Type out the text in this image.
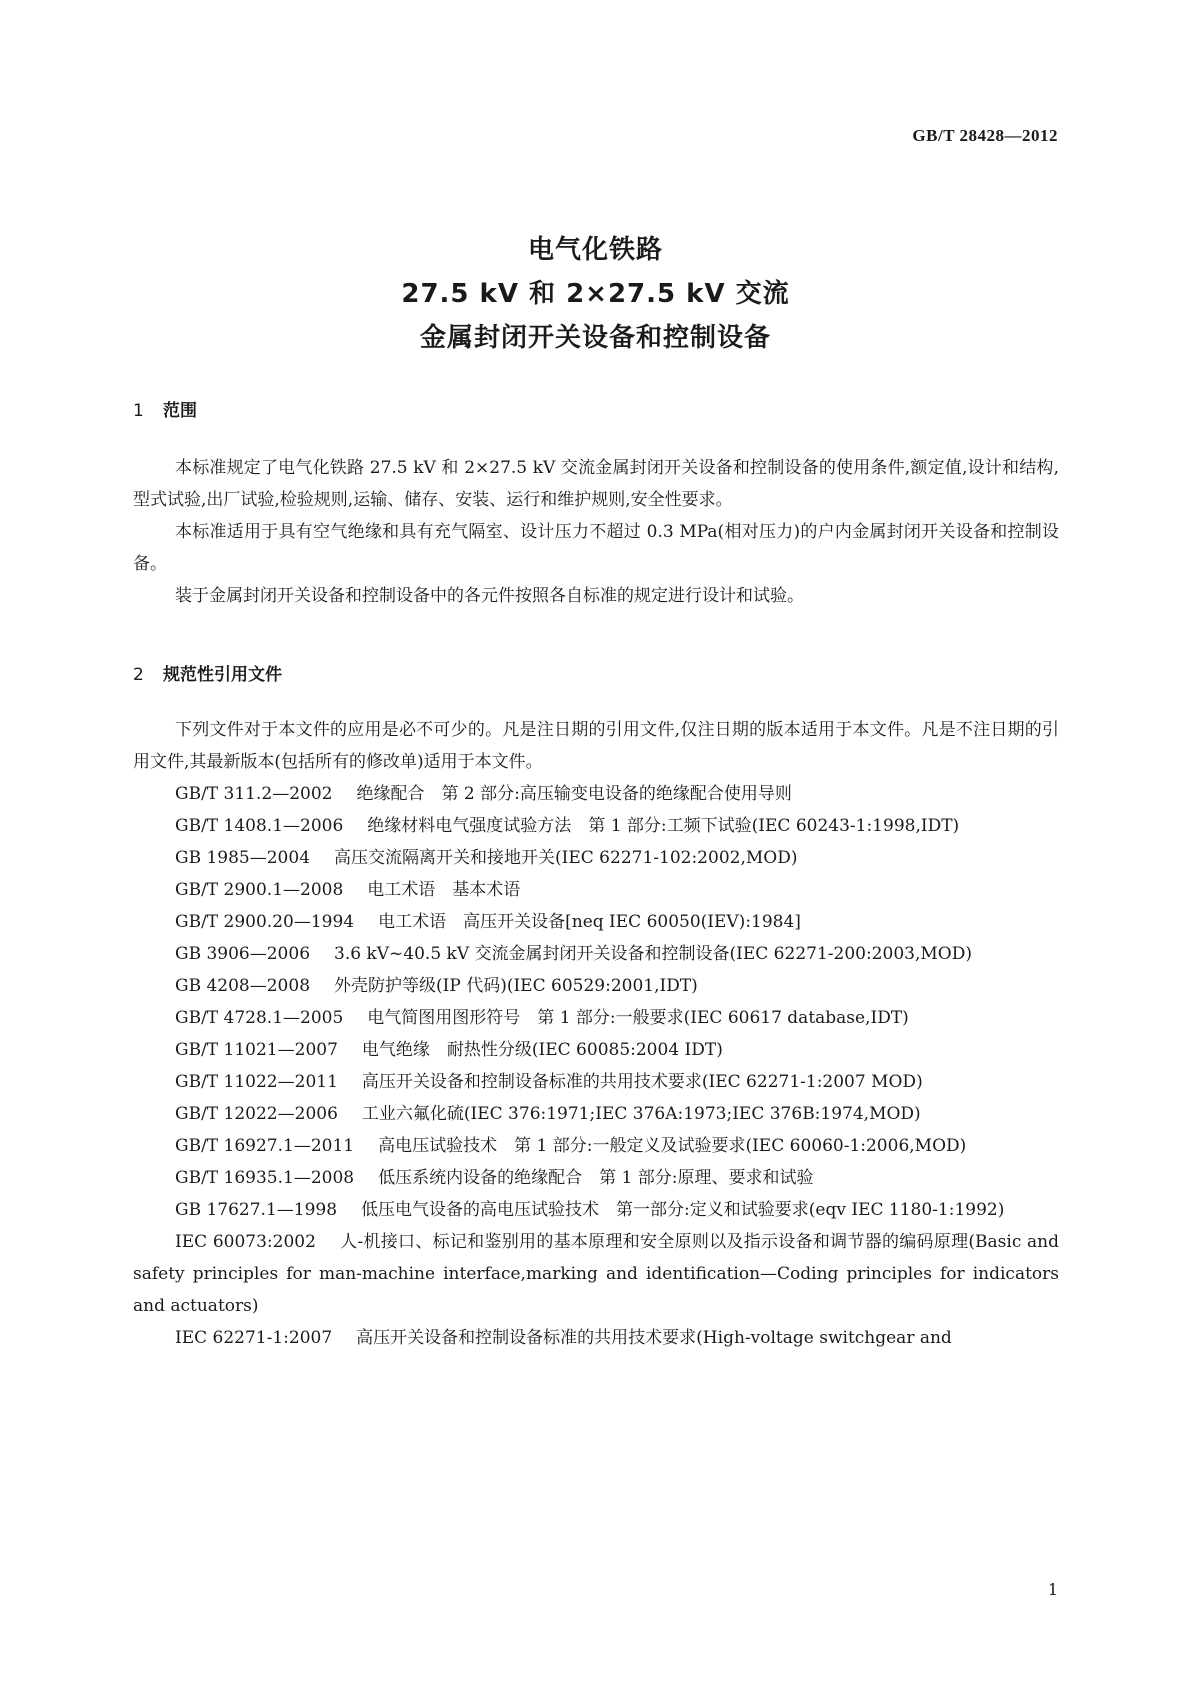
GB/T 28428—2012
电气化铁路
27.5 kV 和 2×27.5 kV 交流
金属封闭开关设备和控制设备
1 范围

本标准规定了电气化铁路 27.5 kV 和 2×27.5 kV 交流金属封闭开关设备和控制设备的使用条件,额定值,设计和结构,型式试验,出厂试验,检验规则,运输、储存、安装、运行和维护规则,安全性要求。

本标准适用于具有空气绝缘和具有充气隔室、设计压力不超过 0.3 MPa(相对压力)的户内金属封闭开关设备和控制设备。

装于金属封闭开关设备和控制设备中的各元件按照各自标准的规定进行设计和试验。

2 规范性引用文件

下列文件对于本文件的应用是必不可少的。凡是注日期的引用文件,仅注日期的版本适用于本文件。凡是不注日期的引用文件,其最新版本(包括所有的修改单)适用于本文件。

GB/T 311.2—2002 绝缘配合　第 2 部分:高压输变电设备的绝缘配合使用导则

GB/T 1408.1—2006 绝缘材料电气强度试验方法　第 1 部分:工频下试验(IEC 60243-1:1998,IDT)

GB 1985—2004 高压交流隔离开关和接地开关(IEC 62271-102:2002,MOD)

GB/T 2900.1—2008 电工术语　基本术语

GB/T 2900.20—1994 电工术语　高压开关设备[neq IEC 60050(IEV):1984]

GB 3906—2006 3.6 kV~40.5 kV 交流金属封闭开关设备和控制设备(IEC 62271-200:2003,MOD)

GB 4208—2008 外壳防护等级(IP 代码)(IEC 60529:2001,IDT)

GB/T 4728.1—2005 电气简图用图形符号　第 1 部分:一般要求(IEC 60617 database,IDT)

GB/T 11021—2007 电气绝缘　耐热性分级(IEC 60085:2004 IDT)

GB/T 11022—2011 高压开关设备和控制设备标准的共用技术要求(IEC 62271-1:2007 MOD)

GB/T 12022—2006 工业六氟化硫(IEC 376:1971;IEC 376A:1973;IEC 376B:1974,MOD)

GB/T 16927.1—2011 高电压试验技术　第 1 部分:一般定义及试验要求(IEC 60060-1:2006,MOD)

GB/T 16935.1—2008 低压系统内设备的绝缘配合　第 1 部分:原理、要求和试验

GB 17627.1—1998 低压电气设备的高电压试验技术　第一部分:定义和试验要求(eqv IEC 1180-1:1992)

IEC 60073:2002 人-机接口、标记和鉴别用的基本原理和安全原则以及指示设备和调节器的编码原理(Basic and safety principles for man-machine interface,marking and identification—Coding principles for indicators and actuators)

IEC 62271-1:2007 高压开关设备和控制设备标准的共用技术要求(High-voltage switchgear and

1
